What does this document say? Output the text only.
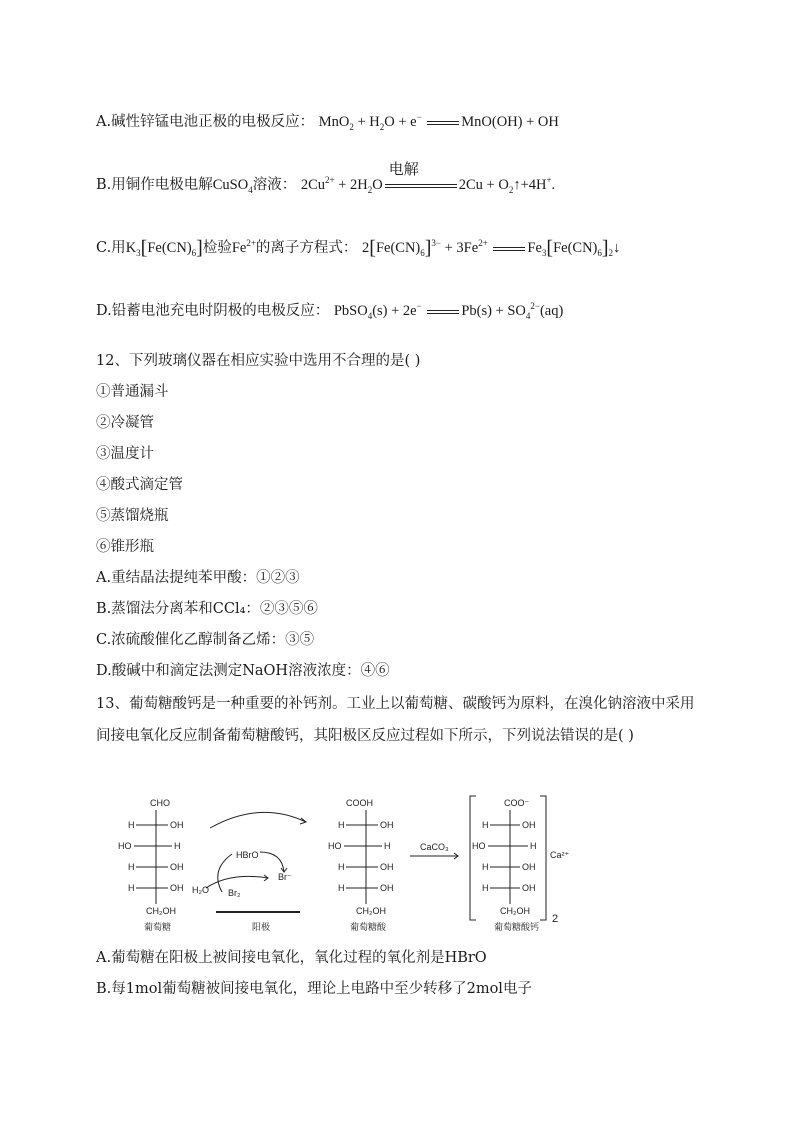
A.碱性锌锰电池正极的电极反应： $MnO_2 + H_2O + e^-$	MnO(OH) + OH
B.用铜作电极电解CuSO$_4$溶液： $2Cu^{2+} + 2H_2O$
电解
$2Cu + O_2↑+4H^+$.
C.用$K_3[Fe(CN)_6]$检验$Fe^{2+}$的离子方程式： $2[Fe(CN)_6]^{3-} + 3Fe^{2+}$	$Fe_3[Fe(CN)_6]_2↓$
D.铅蓄电池充电时阴极的电极反应： PbSO$_4$(s) + 2e−	$Pb(s) + SO_4^{2-}(aq)$
12、下列玻璃仪器在相应实验中选用不合理的是( )
①普通漏斗
②冷凝管
③温度计
④酸式滴定管
⑤蒸馏烧瓶
⑥锥形瓶
A.重结晶法提纯苯甲酸：①②③
B.蒸馏法分离苯和CCl₄：②③⑤⑥
C.浓硫酸催化乙醇制备乙烯：③⑤
D.酸碱中和滴定法测定NaOH溶液浓度：④⑥
13、葡萄糖酸钙是一种重要的补钙剂。工业上以葡萄糖、碳酸钙为原料，在溴化钠溶液中采用间接电氧化反应制备葡萄糖酸钙，其阳极区反应过程如下所示，下列说法错误的是( )
CHO
H	OH
HO	H
H	OH
H	OH
CH₂OH
葡萄糖
COOH
H	OH
HO	H
H	OH
H	OH
CH₂OH
葡萄糖酸
COO⁻
H	OH
HO	H
H	OH
H	OH
CH₂OH
葡萄糖酸钙
Ca²⁺
2
HBrO
Br⁻
Br₂
H₂O
阳极
CaCO₃
A.葡萄糖在阳极上被间接电氧化，氧化过程的氧化剂是HBrO
B.每1mol葡萄糖被间接电氧化，理论上电路中至少转移了2mol电子
